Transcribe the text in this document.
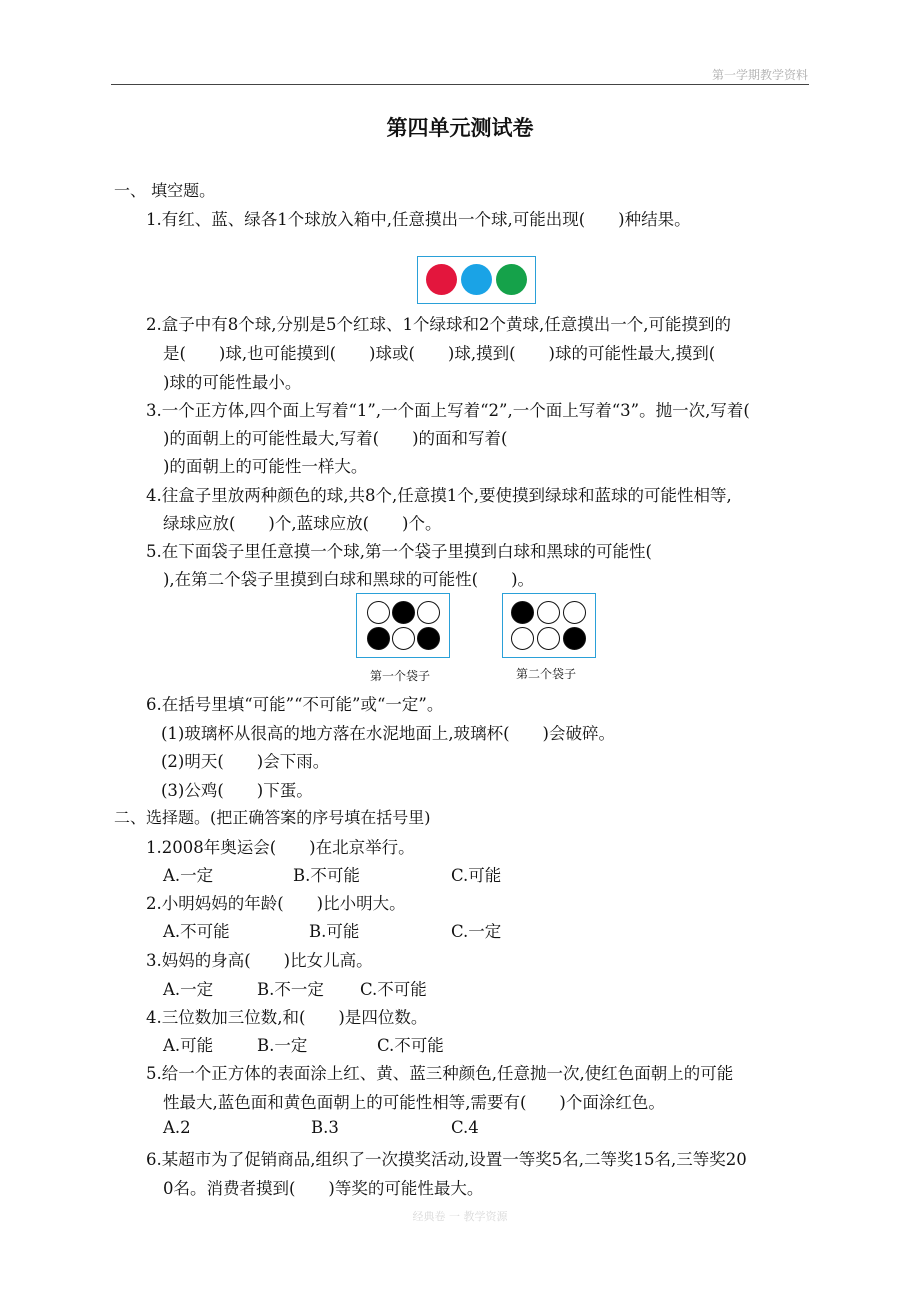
第一学期教学资料
第四单元测试卷
一、 填空题。
1.有红、蓝、绿各1个球放入箱中,任意摸出一个球,可能出现(　　)种结果。
2.盒子中有8个球,分别是5个红球、1个绿球和2个黄球,任意摸出一个,可能摸到的
是(　　)球,也可能摸到(　　)球或(　　)球,摸到(　　)球的可能性最大,摸到(
)球的可能性最小。
3.一个正方体,四个面上写着“1”,一个面上写着“2”,一个面上写着“3”。抛一次,写着(
)的面朝上的可能性最大,写着(　　)的面和写着(
)的面朝上的可能性一样大。
4.往盒子里放两种颜色的球,共8个,任意摸1个,要使摸到绿球和蓝球的可能性相等,
绿球应放(　　)个,蓝球应放(　　)个。
5.在下面袋子里任意摸一个球,第一个袋子里摸到白球和黑球的可能性(
),在第二个袋子里摸到白球和黑球的可能性(　　)。
第一个袋子	第二个袋子
6.在括号里填“可能”“不可能”或“一定”。
(1)玻璃杯从很高的地方落在水泥地面上,玻璃杯(　　)会破碎。
(2)明天(　　)会下雨。
(3)公鸡(　　)下蛋。
二、选择题。(把正确答案的序号填在括号里)
1.2008年奥运会(　　)在北京举行。
A.一定	B.不可能	C.可能
2.小明妈妈的年龄(　　)比小明大。
A.不可能	B.可能	C.一定
3.妈妈的身高(　　)比女儿高。
A.一定	B.不一定 C.不可能
4.三位数加三位数,和(　　)是四位数。
A.可能	B.一定	C.不可能
5.给一个正方体的表面涂上红、黄、蓝三种颜色,任意抛一次,使红色面朝上的可能
性最大,蓝色面和黄色面朝上的可能性相等,需要有(　　)个面涂红色。
A.2	B.3	C.4
6.某超市为了促销商品,组织了一次摸奖活动,设置一等奖5名,二等奖15名,三等奖20
0名。消费者摸到(　　)等奖的可能性最大。
经典卷 一 教学资源
